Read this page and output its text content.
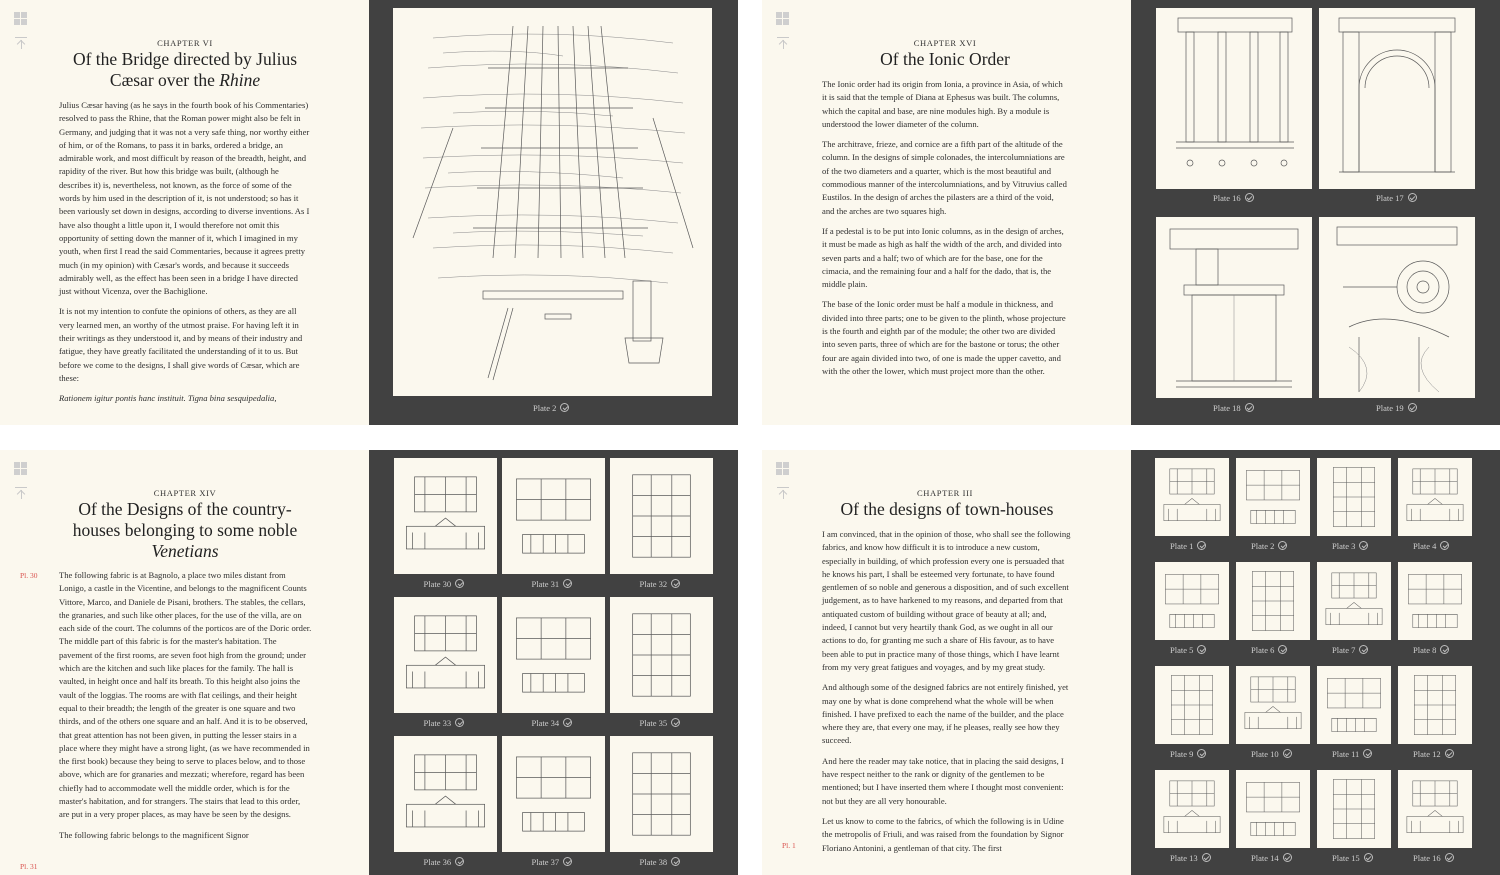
CHAPTER VI
Of the Bridge directed by Julius
Cæsar over the Rhine

Julius Cæsar having (as he says in the fourth book of his Commentaries) resolved to pass the Rhine, that the Roman power might also be felt in Germany, and judging that it was not a very safe thing, nor worthy either of him, or of the Romans, to pass it in barks, ordered a bridge, an admirable work, and most difficult by reason of the breadth, height, and rapidity of the river. But how this bridge was built, (although he describes it) is, nevertheless, not known, as the force of some of the words by him used in the description of it, is not understood; so has it been variously set down in designs, according to diverse inventions. As I have also thought a little upon it, I would therefore not omit this opportunity of setting down the manner of it, which I imagined in my youth, when first I read the said Commentaries, because it agrees pretty much (in my opinion) with Cæsar's words, and because it succeeds admirably well, as the effect has been seen in a bridge I have directed just without Vicenza, over the Bachiglione.

It is not my intention to confute the opinions of others, as they are all very learned men, an worthy of the utmost praise. For having left it in their writings as they understood it, and by means of their industry and fatigue, they have greatly facilitated the understanding of it to us. But before we come to the designs, I shall give words of Cæsar, which are these:

Rationem igitur pontis hanc instituit. Tigna bina sesquipedalia,

Plate 2
CHAPTER XVI
Of the Ionic Order

The Ionic order had its origin from Ionia, a province in Asia, of which it is said that the temple of Diana at Ephesus was built. The columns, which the capital and base, are nine modules high. By a module is understood the lower diameter of the column.

The architrave, frieze, and cornice are a fifth part of the altitude of the column. In the designs of simple colonades, the intercolumniations are of the two diameters and a quarter, which is the most beautiful and commodious manner of the intercolumniations, and by Vitruvius called Eustilos. In the design of arches the pilasters are a third of the void, and the arches are two squares high.

If a pedestal is to be put into Ionic columns, as in the design of arches, it must be made as high as half the width of the arch, and divided into seven parts and a half; two of which are for the base, one for the cimacia, and the remaining four and a half for the dado, that is, the middle plain.

The base of the Ionic order must be half a module in thickness, and divided into three parts; one to be given to the plinth, whose projecture is the fourth and eighth par of the module; the other two are divided into seven parts, three of which are for the bastone or torus; the other four are again divided into two, of one is made the upper cavetto, and with the other the lower, which must project more than the other.

Plate 16	Plate 17
Plate 18	Plate 19
CHAPTER XIV
Of the Designs of the country-
houses belonging to some noble
Venetians
Pl. 30
Pl. 31

The following fabric is at Bagnolo, a place two miles distant from Lonigo, a castle in the Vicentine, and belongs to the magnificent Counts Vittore, Marco, and Daniele de Pisani, brothers. The stables, the cellars, the granaries, and such like other places, for the use of the villa, are on each side of the court. The columns of the porticos are of the Doric order. The middle part of this fabric is for the master's habitation. The pavement of the first rooms, are seven foot high from the ground; under which are the kitchen and such like places for the family. The hall is vaulted, in height once and half its breath. To this height also joins the vault of the loggias. The rooms are with flat ceilings, and their height equal to their breadth; the length of the greater is one square and two thirds, and of the others one square and an half. And it is to be observed, that great attention has not been given, in putting the lesser stairs in a place where they might have a strong light, (as we have recommended in the first book) because they being to serve to places below, and to those above, which are for granaries and mezzati; wherefore, regard has been chiefly had to accommodate well the middle order, which is for the master's habitation, and for strangers. The stairs that lead to this order, are put in a very proper places, as may have be seen by the designs.

The following fabric belongs to the magnificent Signor

Plate 30	Plate 31	Plate 32
Plate 33	Plate 34	Plate 35
Plate 36	Plate 37	Plate 38
CHAPTER III
Of the designs of town-houses
Pl. 1

I am convinced, that in the opinion of those, who shall see the following fabrics, and know how difficult it is to introduce a new custom, especially in building, of which profession every one is persuaded that he knows his part, I shall be esteemed very fortunate, to have found gentlemen of so noble and generous a disposition, and of such excellent judgement, as to have harkened to my reasons, and departed from that antiquated custom of building without grace of beauty at all; and, indeed, I cannot but very heartily thank God, as we ought in all our actions to do, for granting me such a share of His favour, as to have been able to put in practice many of those things, which I have learnt from my very great fatigues and voyages, and by my great study.

And although some of the designed fabrics are not entirely finished, yet may one by what is done comprehend what the whole will be when finished. I have prefixed to each the name of the builder, and the place where they are, that every one may, if he pleases, really see how they succeed.

And here the reader may take notice, that in placing the said designs, I have respect neither to the rank or dignity of the gentlemen to be mentioned; but I have inserted them where I thought most convenient: not but they are all very honourable.

Let us know to come to the fabrics, of which the following is in Udine the metropolis of Friuli, and was raised from the foundation by Signor Floriano Antonini, a gentleman of that city. The first

Plate 1	Plate 2	Plate 3	Plate 4
Plate 5	Plate 6	Plate 7	Plate 8
Plate 9	Plate 10	Plate 11	Plate 12
Plate 13	Plate 14	Plate 15	Plate 16
